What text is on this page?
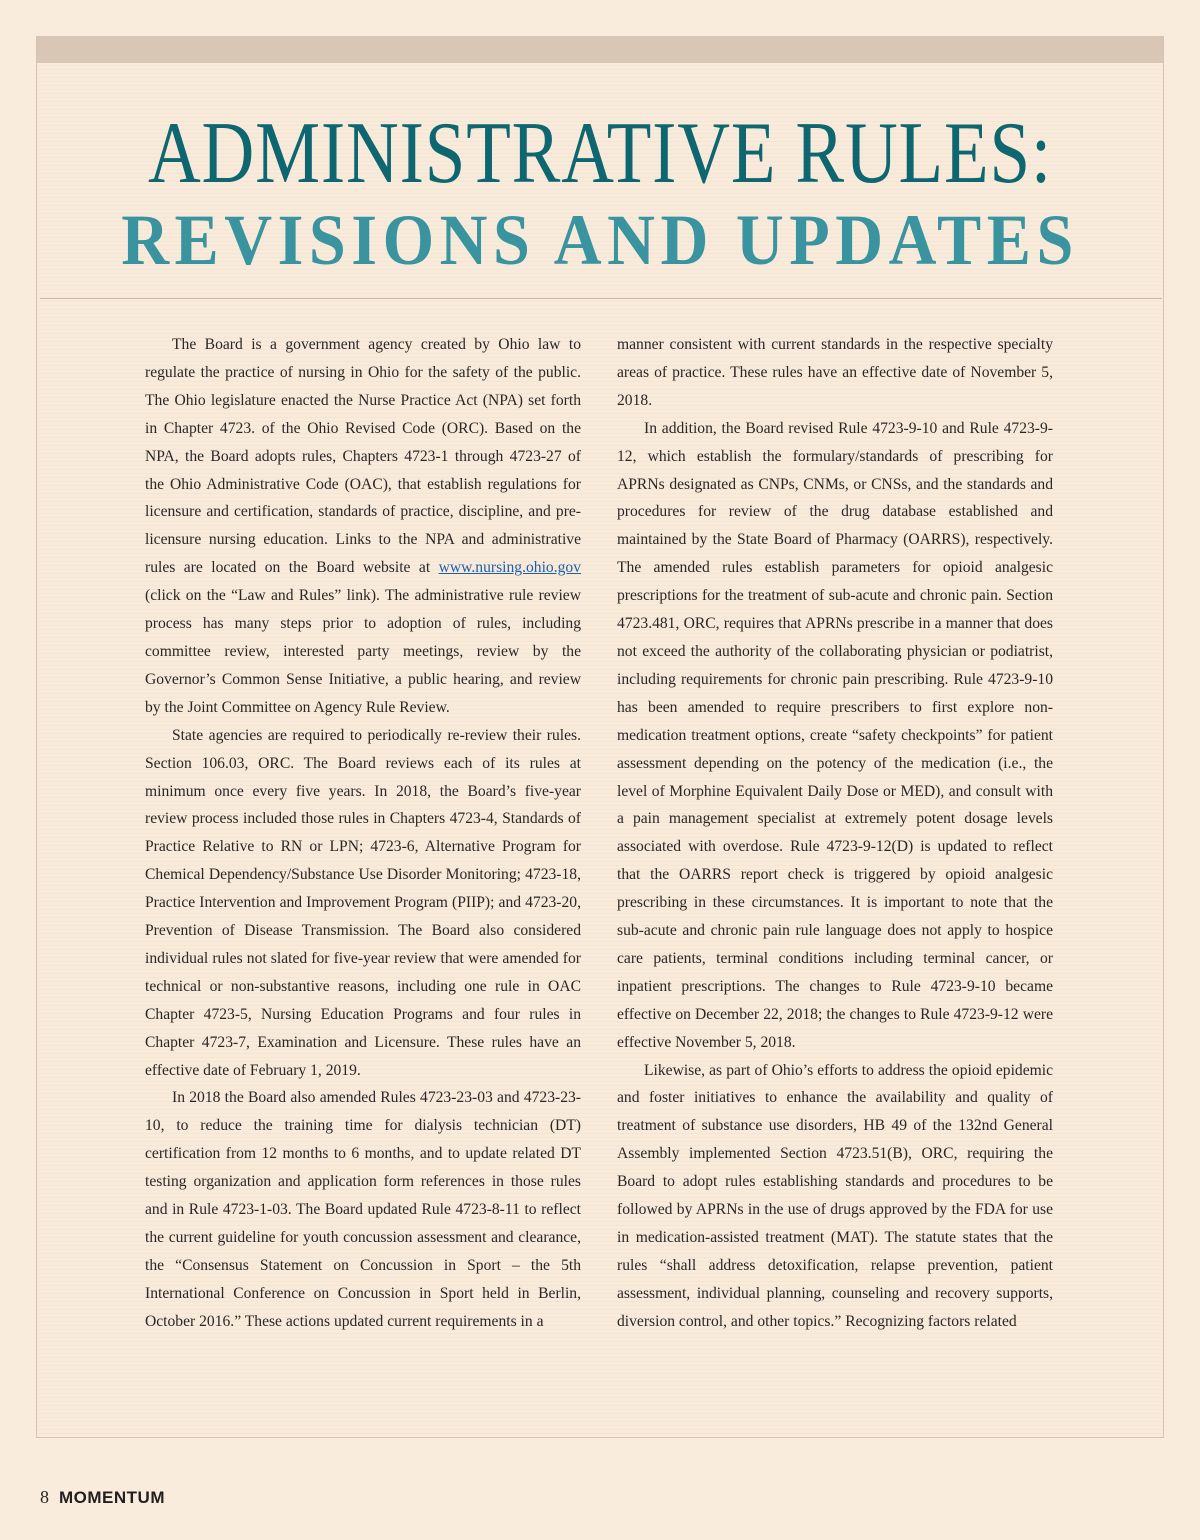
ADMINISTRATIVE RULES:
REVISIONS AND UPDATES

The Board is a government agency created by Ohio law to regulate the practice of nursing in Ohio for the safety of the public. The Ohio legislature enacted the Nurse Practice Act (NPA) set forth in Chapter 4723. of the Ohio Revised Code (ORC). Based on the NPA, the Board adopts rules, Chapters 4723-1 through 4723-27 of the Ohio Administrative Code (OAC), that establish regulations for licensure and certification, standards of practice, discipline, and pre-licensure nursing education. Links to the NPA and administrative rules are located on the Board website at www.nursing.ohio.gov (click on the “Law and Rules” link). The administrative rule review process has many steps prior to adoption of rules, including committee review, interested party meetings, review by the Governor’s Common Sense Initiative, a public hearing, and review by the Joint Committee on Agency Rule Review.

State agencies are required to periodically re-review their rules. Section 106.03, ORC. The Board reviews each of its rules at minimum once every five years. In 2018, the Board’s five-year review process included those rules in Chapters 4723-4, Standards of Practice Relative to RN or LPN; 4723-6, Alternative Program for Chemical Dependency/Substance Use Disorder Monitoring; 4723-18, Practice Intervention and Improvement Program (PIIP); and 4723-20, Prevention of Disease Transmission. The Board also considered individual rules not slated for five-year review that were amended for technical or non-substantive reasons, including one rule in OAC Chapter 4723-5, Nursing Education Programs and four rules in Chapter 4723-7, Examination and Licensure. These rules have an effective date of February 1, 2019.

In 2018 the Board also amended Rules 4723-23-03 and 4723-23-10, to reduce the training time for dialysis technician (DT) certification from 12 months to 6 months, and to update related DT testing organization and application form references in those rules and in Rule 4723-1-03. The Board updated Rule 4723-8-11 to reflect the current guideline for youth concussion assessment and clearance, the “Consensus Statement on Concussion in Sport – the 5th International Conference on Concussion in Sport held in Berlin, October 2016.” These actions updated current requirements in a

manner consistent with current standards in the respective specialty areas of practice. These rules have an effective date of November 5, 2018.

In addition, the Board revised Rule 4723-9-10 and Rule 4723-9-12, which establish the formulary/standards of prescribing for APRNs designated as CNPs, CNMs, or CNSs, and the standards and procedures for review of the drug database established and maintained by the State Board of Pharmacy (OARRS), respectively. The amended rules establish parameters for opioid analgesic prescriptions for the treatment of sub-acute and chronic pain. Section 4723.481, ORC, requires that APRNs prescribe in a manner that does not exceed the authority of the collaborating physician or podiatrist, including requirements for chronic pain prescribing. Rule 4723-9-10 has been amended to require prescribers to first explore non-medication treatment options, create “safety checkpoints” for patient assessment depending on the potency of the medication (i.e., the level of Morphine Equivalent Daily Dose or MED), and consult with a pain management specialist at extremely potent dosage levels associated with overdose. Rule 4723-9-12(D) is updated to reflect that the OARRS report check is triggered by opioid analgesic prescribing in these circumstances. It is important to note that the sub-acute and chronic pain rule language does not apply to hospice care patients, terminal conditions including terminal cancer, or inpatient prescriptions. The changes to Rule 4723-9-10 became effective on December 22, 2018; the changes to Rule 4723-9-12 were effective November 5, 2018.

Likewise, as part of Ohio’s efforts to address the opioid epidemic and foster initiatives to enhance the availability and quality of treatment of substance use disorders, HB 49 of the 132nd General Assembly implemented Section 4723.51(B), ORC, requiring the Board to adopt rules establishing standards and procedures to be followed by APRNs in the use of drugs approved by the FDA for use in medication-assisted treatment (MAT). The statute states that the rules “shall address detoxification, relapse prevention, patient assessment, individual planning, counseling and recovery supports, diversion control, and other topics.” Recognizing factors related

8 MOMENTUM
